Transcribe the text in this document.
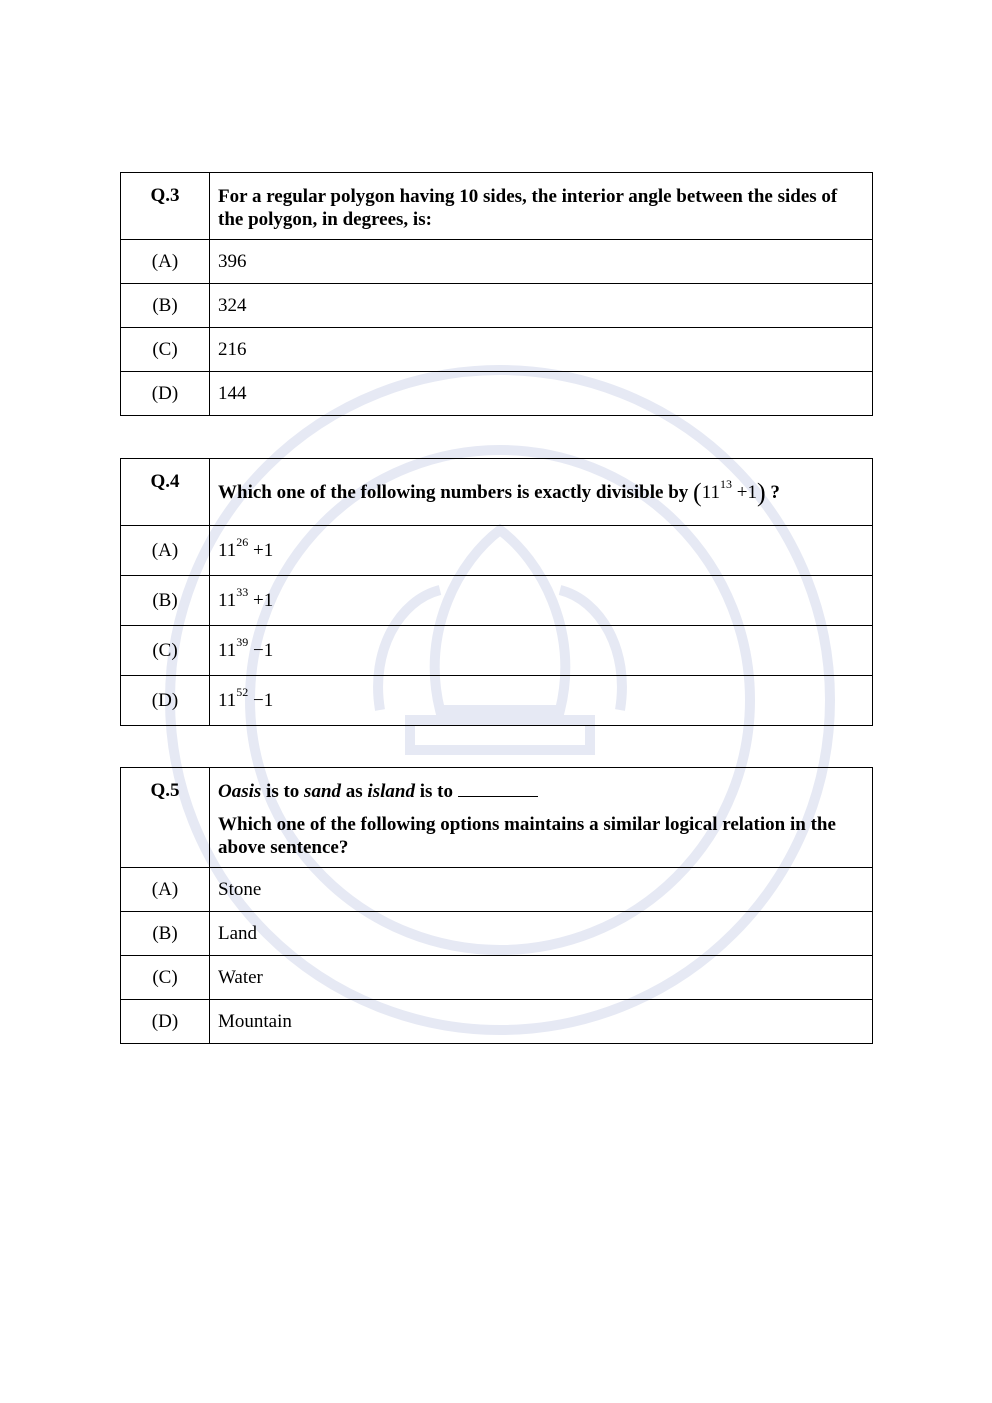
Q.3	For a regular polygon having 10 sides, the interior angle between the sides of the polygon, in degrees, is:
(A)	396
(B)	324
(C)	216
(D)	144
Q.4	Which one of the following numbers is exactly divisible by $(11^{13} +1)$ ?
(A)	$11^{26} +1$
(B)	$11^{33} +1$
(C)	$11^{39} -1$
(D)	$11^{52} -1$
Q.5	Oasis is to sand as island is to

Which one of the following options maintains a similar logical relation in the above sentence?

(A)	Stone
(B)	Land
(C)	Water
(D)	Mountain
